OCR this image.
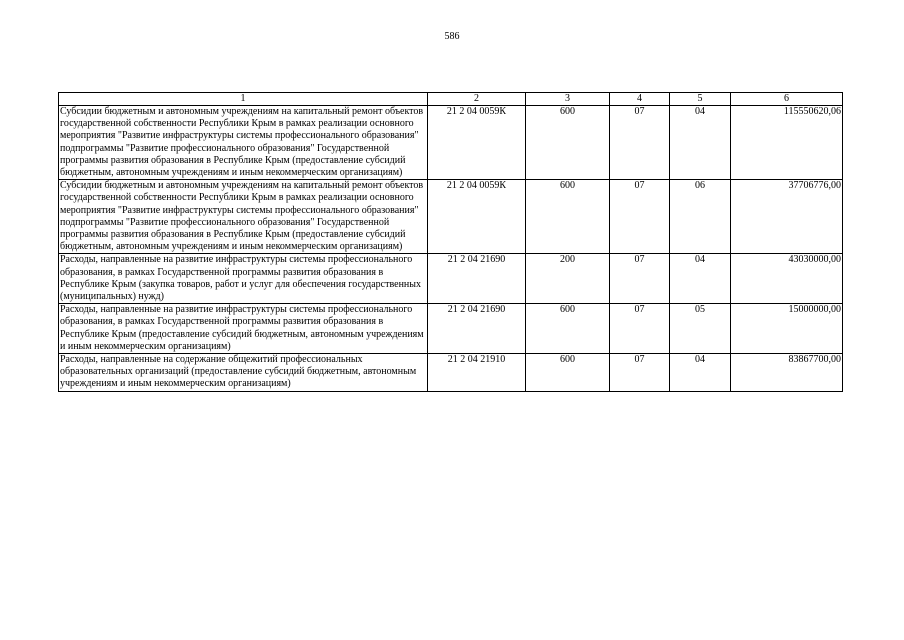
586
1	2	3	4	5	6
Субсидии бюджетным и автономным учреждениям на капитальный ремонт объектов государственной собственности Республики Крым в рамках реализации основного мероприятия "Развитие инфраструктуры системы профессионального образования" подпрограммы "Развитие профессионального образования" Государственной программы развития образования в Республике Крым (предоставление субсидий бюджетным, автономным учреждениям и иным некоммерческим организациям)	21 2 04 0059К	600	07	04	115550620,06
Субсидии бюджетным и автономным учреждениям на капитальный ремонт объектов государственной собственности Республики Крым в рамках реализации основного мероприятия "Развитие инфраструктуры системы профессионального образования" подпрограммы "Развитие профессионального образования" Государственной программы развития образования в Республике Крым (предоставление субсидий бюджетным, автономным учреждениям и иным некоммерческим организациям)	21 2 04 0059К	600	07	06	37706776,00
Расходы, направленные на развитие инфраструктуры системы профессионального образования, в рамках Государственной программы развития образования в Республике Крым (закупка товаров, работ и услуг для обеспечения государственных (муниципальных) нужд)	21 2 04 21690	200	07	04	43030000,00
Расходы, направленные на развитие инфраструктуры системы профессионального образования, в рамках Государственной программы развития образования в Республике Крым (предоставление субсидий бюджетным, автономным учреждениям и иным некоммерческим организациям)	21 2 04 21690	600	07	05	15000000,00
Расходы, направленные на содержание общежитий профессиональных образовательных организаций (предоставление субсидий бюджетным, автономным учреждениям и иным некоммерческим организациям)	21 2 04 21910	600	07	04	83867700,00
